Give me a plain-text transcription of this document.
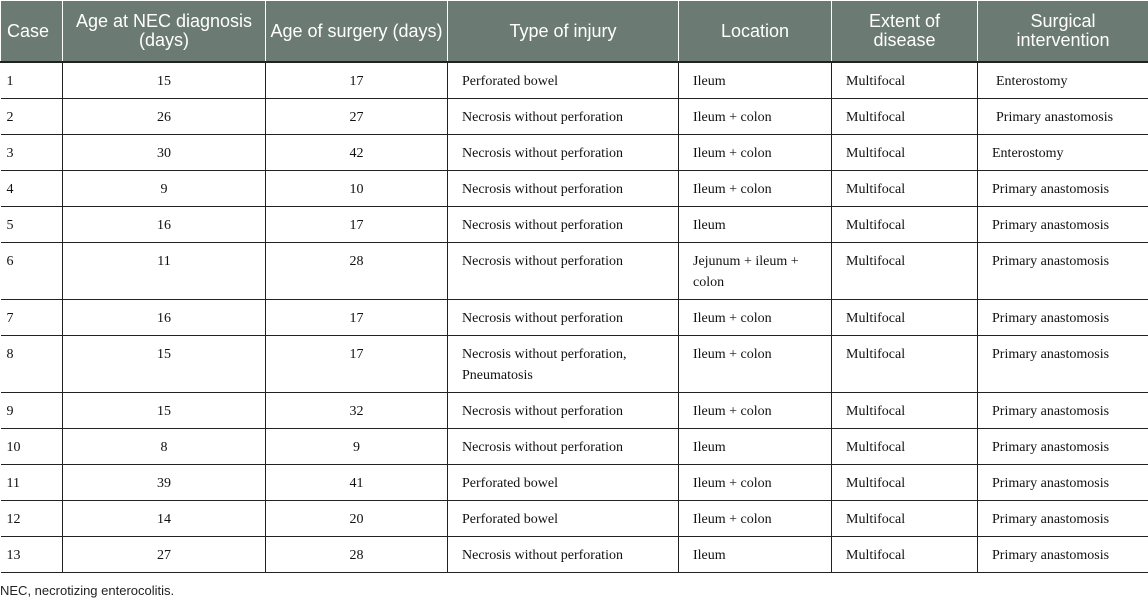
Case	Age at NEC diagnosis (days)	Age of surgery (days)	Type of injury	Location	Extent of disease	Surgical intervention
1	15	17	Perforated bowel	Ileum	Multifocal	Enterostomy
2	26	27	Necrosis without perforation	Ileum + colon	Multifocal	Primary anastomosis
3	30	42	Necrosis without perforation	Ileum + colon	Multifocal	Enterostomy
4	9	10	Necrosis without perforation	Ileum + colon	Multifocal	Primary anastomosis
5	16	17	Necrosis without perforation	Ileum	Multifocal	Primary anastomosis
6	11	28	Necrosis without perforation	Jejunum + ileum + colon	Multifocal	Primary anastomosis
7	16	17	Necrosis without perforation	Ileum + colon	Multifocal	Primary anastomosis
8	15	17	Necrosis without perforation, Pneumatosis	Ileum + colon	Multifocal	Primary anastomosis
9	15	32	Necrosis without perforation	Ileum + colon	Multifocal	Primary anastomosis
10	8	9	Necrosis without perforation	Ileum	Multifocal	Primary anastomosis
11	39	41	Perforated bowel	Ileum + colon	Multifocal	Primary anastomosis
12	14	20	Perforated bowel	Ileum + colon	Multifocal	Primary anastomosis
13	27	28	Necrosis without perforation	Ileum	Multifocal	Primary anastomosis
NEC, necrotizing enterocolitis.
